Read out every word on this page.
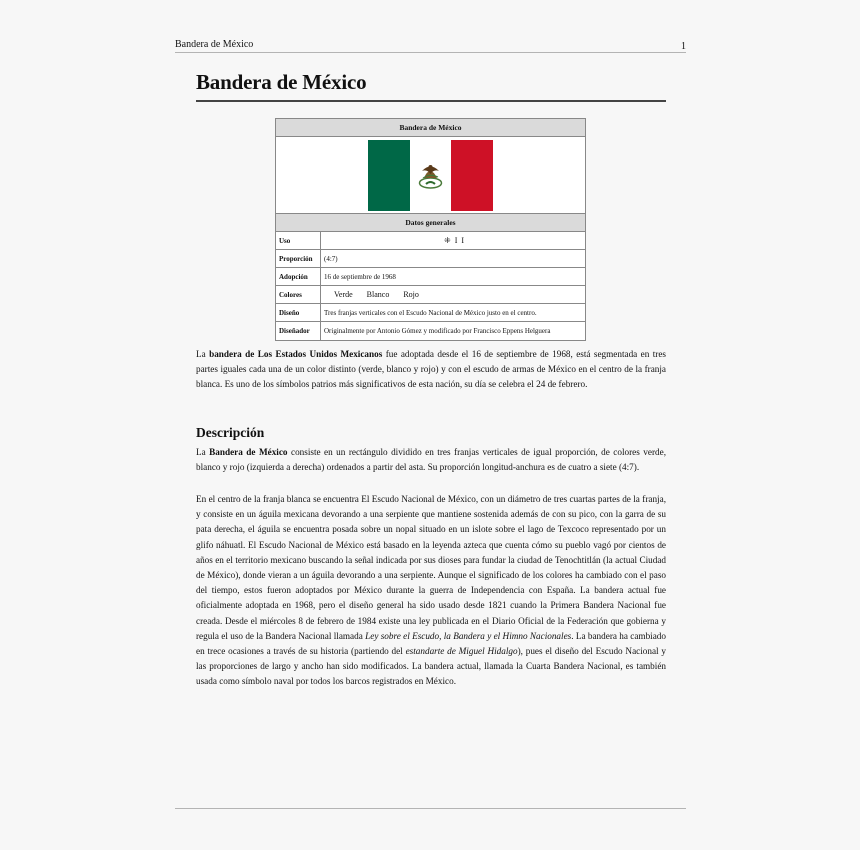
Bandera de México	1
Bandera de México
Bandera de México
Datos generales
Uso	⁜ I I
Proporción	(4:7)
Adopción	16 de septiembre de 1968
Colores	Verde Blanco Rojo
Diseño	Tres franjas verticales con el Escudo Nacional de México justo en el centro.
Diseñador	Originalmente por Antonio Gómez y modificado por Francisco Eppens Helguera

La bandera de Los Estados Unidos Mexicanos fue adoptada desde el 16 de septiembre de 1968, está segmentada en tres partes iguales cada una de un color distinto (verde, blanco y rojo) y con el escudo de armas de México en el centro de la franja blanca. Es uno de los símbolos patrios más significativos de esta nación, su día se celebra el 24 de febrero.

Descripción

La Bandera de México consiste en un rectángulo dividido en tres franjas verticales de igual proporción, de colores verde, blanco y rojo (izquierda a derecha) ordenados a partir del asta. Su proporción longitud-anchura es de cuatro a siete (4:7).

En el centro de la franja blanca se encuentra El Escudo Nacional de México, con un diámetro de tres cuartas partes de la franja, y consiste en un águila mexicana devorando a una serpiente que mantiene sostenida además de con su pico, con la garra de su pata derecha, el águila se encuentra posada sobre un nopal situado en un islote sobre el lago de Texcoco representado por un glifo náhuatl. El Escudo Nacional de México está basado en la leyenda azteca que cuenta cómo su pueblo vagó por cientos de años en el territorio mexicano buscando la señal indicada por sus dioses para fundar la ciudad de Tenochtitlán (la actual Ciudad de México), donde vieran a un águila devorando a una serpiente. Aunque el significado de los colores ha cambiado con el paso del tiempo, estos fueron adoptados por México durante la guerra de Independencia con España. La bandera actual fue oficialmente adoptada en 1968, pero el diseño general ha sido usado desde 1821 cuando la Primera Bandera Nacional fue creada. Desde el miércoles 8 de febrero de 1984 existe una ley publicada en el Diario Oficial de la Federación que gobierna y regula el uso de la Bandera Nacional llamada Ley sobre el Escudo, la Bandera y el Himno Nacionales. La bandera ha cambiado en trece ocasiones a través de su historia (partiendo del estandarte de Miguel Hidalgo), pues el diseño del Escudo Nacional y las proporciones de largo y ancho han sido modificados. La bandera actual, llamada la Cuarta Bandera Nacional, es también usada como símbolo naval por todos los barcos registrados en México.
